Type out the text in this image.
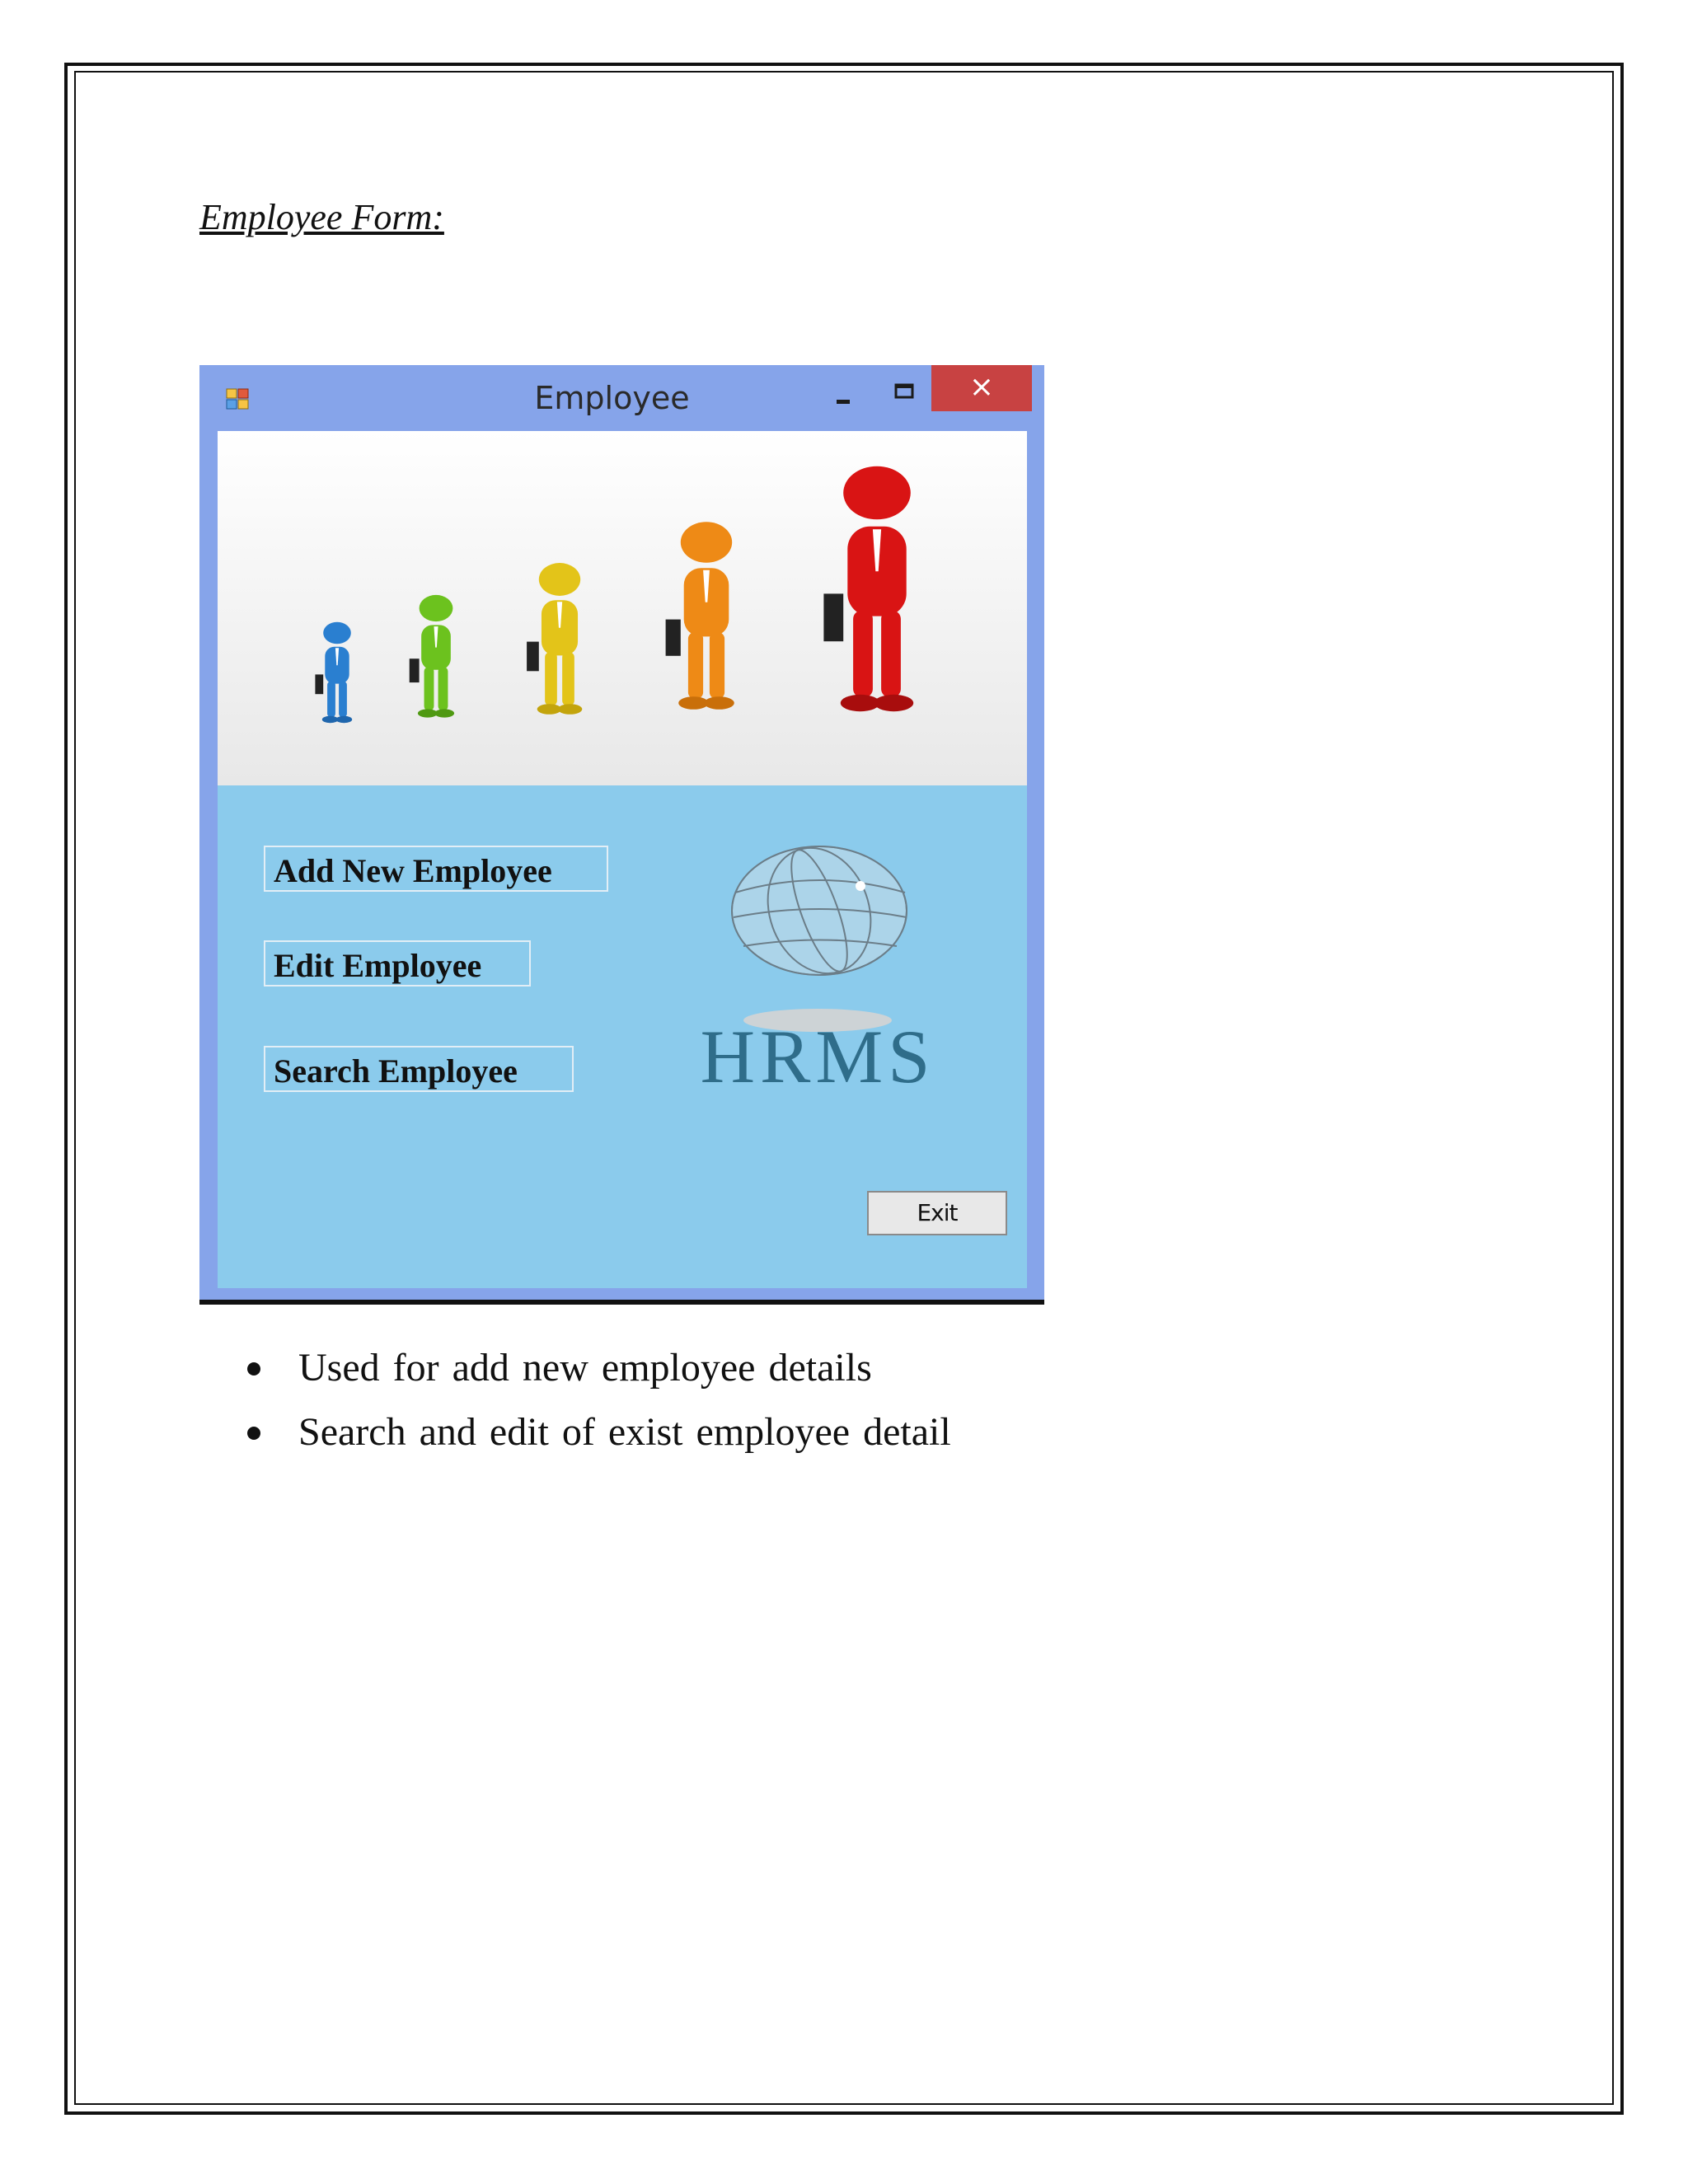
Employee Form:
Employee	×
Add New Employee
Edit Employee
Search Employee	HRMS
Exit
Used for add new employee details
Search and edit of exist employee detail
